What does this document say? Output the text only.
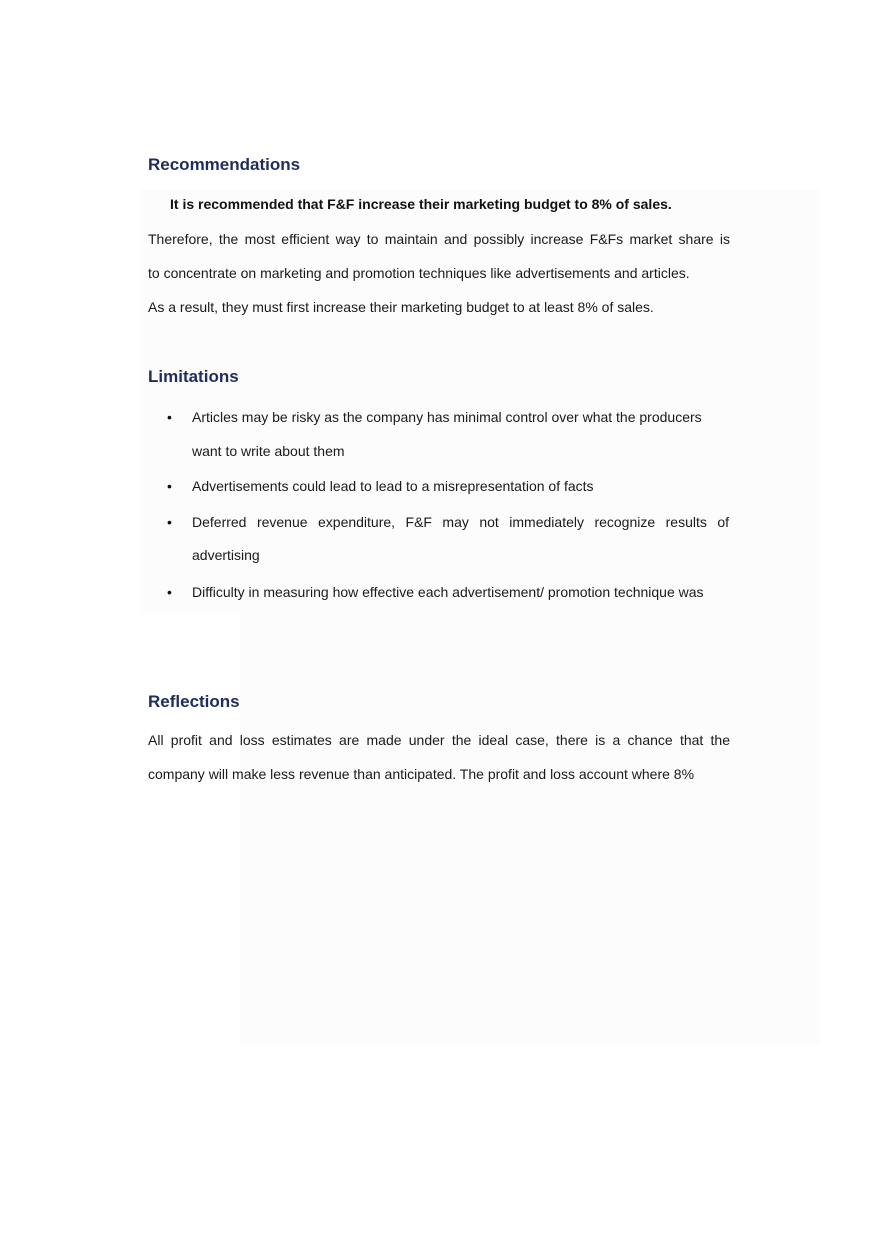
Recommendations
It is recommended that F&F increase their marketing budget to 8% of sales.
Therefore, the most efficient way to maintain and possibly increase F&Fs market share is
to concentrate on marketing and promotion techniques like advertisements and articles.
As a result, they must first increase their marketing budget to at least 8% of sales.
Limitations
• Articles may be risky as the company has minimal control over what the producers
want to write about them
• Advertisements could lead to lead to a misrepresentation of facts
• Deferred revenue expenditure, F&F may not immediately recognize results of
advertising
• Difficulty in measuring how effective each advertisement/ promotion technique was
Reflections
All profit and loss estimates are made under the ideal case, there is a chance that the
company will make less revenue than anticipated. The profit and loss account where 8%
